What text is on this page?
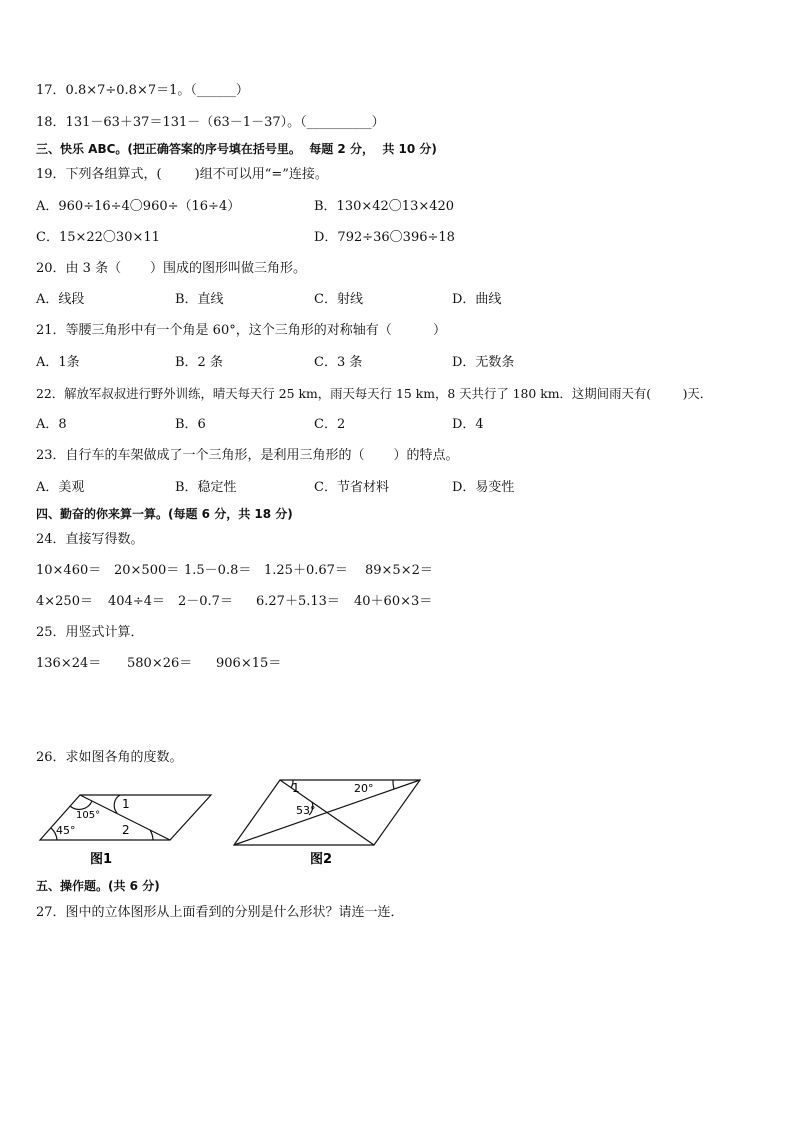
17．0.8×7÷0.8×7＝1。（______）
18．131－63＋37＝131－（63－1－37）。（__________）
三、快乐 ABC。(把正确答案的序号填在括号里。  每题 2 分，  共 10 分)
19．下列各组算式，(        )组不可以用“=”连接。
A．960÷16÷4〇960÷（16÷4）	B．130×42〇13×420
C．15×22〇30×11	D．792÷36〇396÷18
20．由 3 条（       ）围成的图形叫做三角形。
A．线段	B．直线	C．射线	D．曲线
21．等腰三角形中有一个角是 60°，这个三角形的对称轴有（          ）
A．1条	B．2 条	C．3 条	D．无数条
22．解放军叔叔进行野外训练，晴天每天行 25 km，雨天每天行 15 km，8 天共行了 180 km．这期间雨天有(        )天．
A．8	B．6	C．2	D．4
23．自行车的车架做成了一个三角形，是利用三角形的（       ）的特点。
A．美观	B．稳定性	C．节省材料	D．易变性
四、勤奋的你来算一算。(每题 6 分，共 18 分)
24．直接写得数。
10×460＝ 20×500＝ 1.5－0.8＝ 1.25＋0.67＝ 89×5×2＝
4×250＝ 404÷4＝ 2－0.7＝ 6.27＋5.13＝ 40＋60×3＝
25．用竖式计算．
136×24＝ 580×26＝ 906×15＝
26．求如图各角的度数。
105°
45°
1
2
图1
1	20°
53°
图2
五、操作题。(共 6 分)
27．图中的立体图形从上面看到的分别是什么形状？请连一连．
